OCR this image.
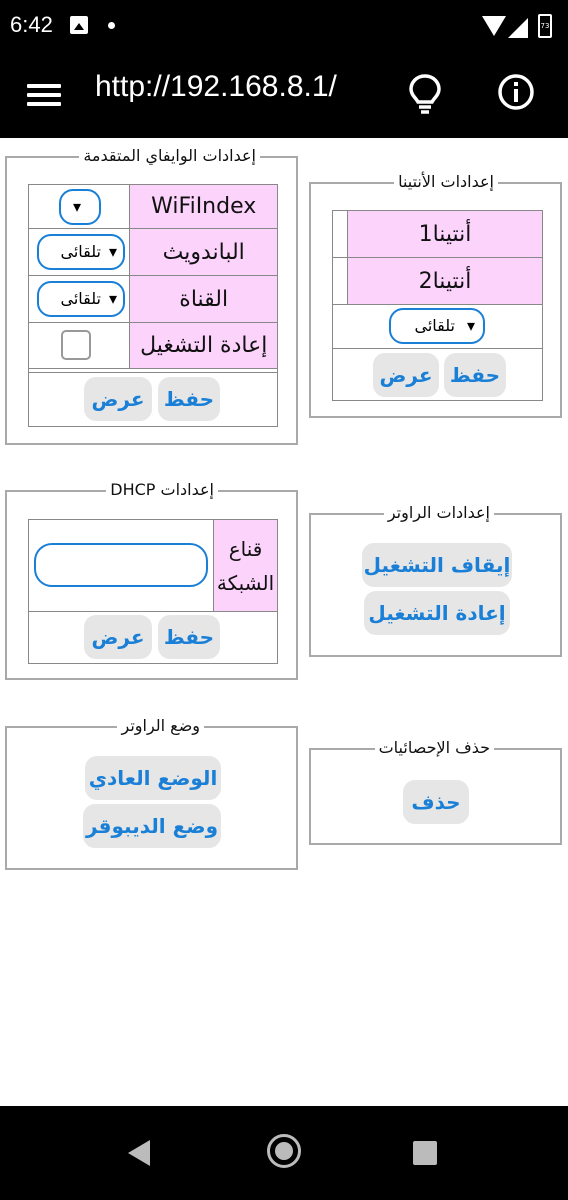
6:42	73
http://192.168.8.1/
إعدادات الوايفاي المتقدمة
▾	WiFiIndex

تلقائى ▾	الباندويث

تلقائى ▾	القناة

	إعادة التشغيل

حفظ
عرض	
إعدادات الأنتينا
	أنتينا1
	أنتينا2

تلقائى ▾	

حفظ
عرض	
إعدادات DHCP
	قناع الشبكة

حفظ
عرض
إعدادات الراوتر
إيقاف التشغيل
إعادة التشغيل
وضع الراوتر
الوضع العادي
وضع الديبوقر
حذف الإحصائيات
حذف
